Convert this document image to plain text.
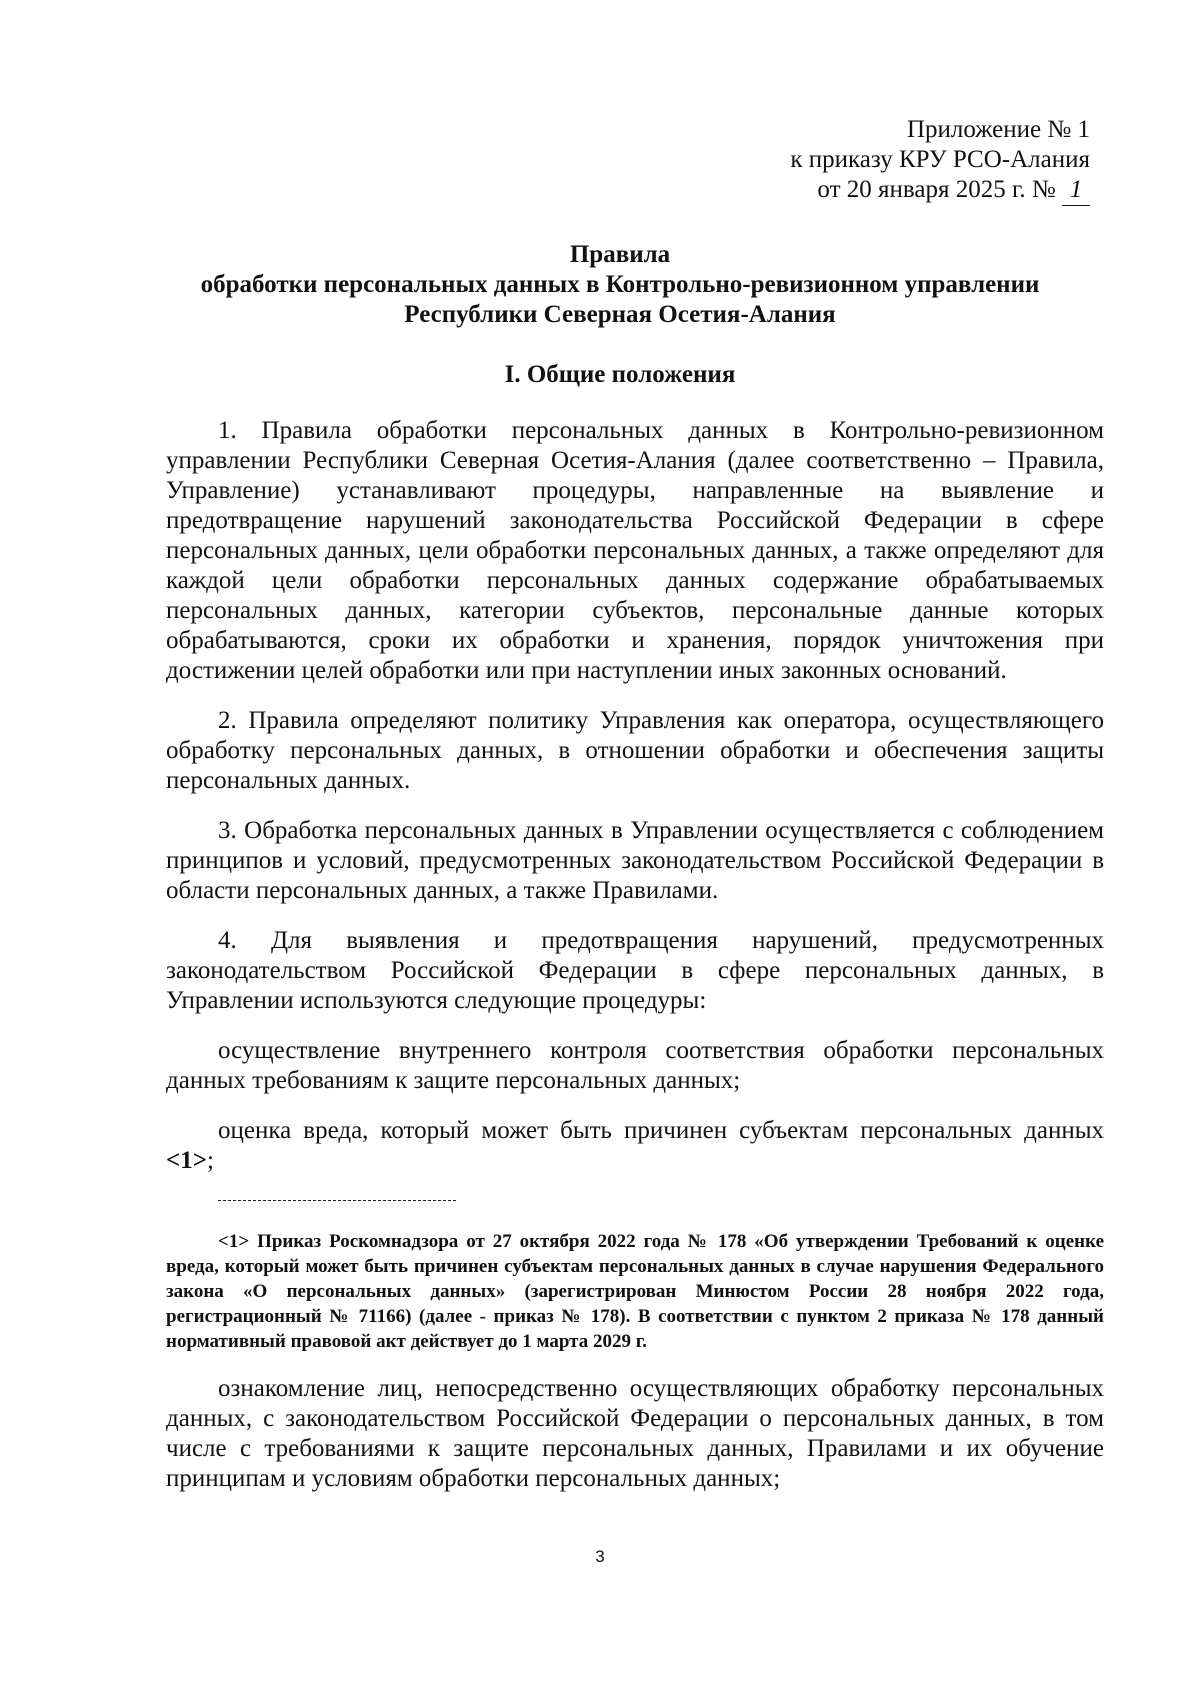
Приложение № 1
к приказу КРУ РСО-Алания
от 20 января 2025 г. № 1
Правила
обработки персональных данных в Контрольно-ревизионном управлении
Республики Северная Осетия-Алания
I. Общие положения

1. Правила обработки персональных данных в Контрольно-ревизионном управлении Республики Северная Осетия-Алания (далее соответственно – Правила, Управление) устанавливают процедуры, направленные на выявление и предотвращение нарушений законодательства Российской Федерации в сфере персональных данных, цели обработки персональных данных, а также определяют для каждой цели обработки персональных данных содержание обрабатываемых персональных данных, категории субъектов, персональные данные которых обрабатываются, сроки их обработки и хранения, порядок уничтожения при достижении целей обработки или при наступлении иных законных оснований.

2. Правила определяют политику Управления как оператора, осуществляющего обработку персональных данных, в отношении обработки и обеспечения защиты персональных данных.

3. Обработка персональных данных в Управлении осуществляется с соблюдением принципов и условий, предусмотренных законодательством Российской Федерации в области персональных данных, а также Правилами.

4. Для выявления и предотвращения нарушений, предусмотренных законодательством Российской Федерации в сфере персональных данных, в Управлении используются следующие процедуры:

осуществление внутреннего контроля соответствия обработки персональных данных требованиям к защите персональных данных;

оценка вреда, который может быть причинен субъектам персональных данных <1>;

<1> Приказ Роскомнадзора от 27 октября 2022 года № 178 «Об утверждении Требований к оценке вреда, который может быть причинен субъектам персональных данных в случае нарушения Федерального закона «О персональных данных» (зарегистрирован Минюстом России 28 ноября 2022 года, регистрационный № 71166) (далее - приказ № 178). В соответствии с пунктом 2 приказа № 178 данный нормативный правовой акт действует до 1 марта 2029 г.

ознакомление лиц, непосредственно осуществляющих обработку персональных данных, с законодательством Российской Федерации о персональных данных, в том числе с требованиями к защите персональных данных, Правилами и их обучение принципам и условиям обработки персональных данных;

3
